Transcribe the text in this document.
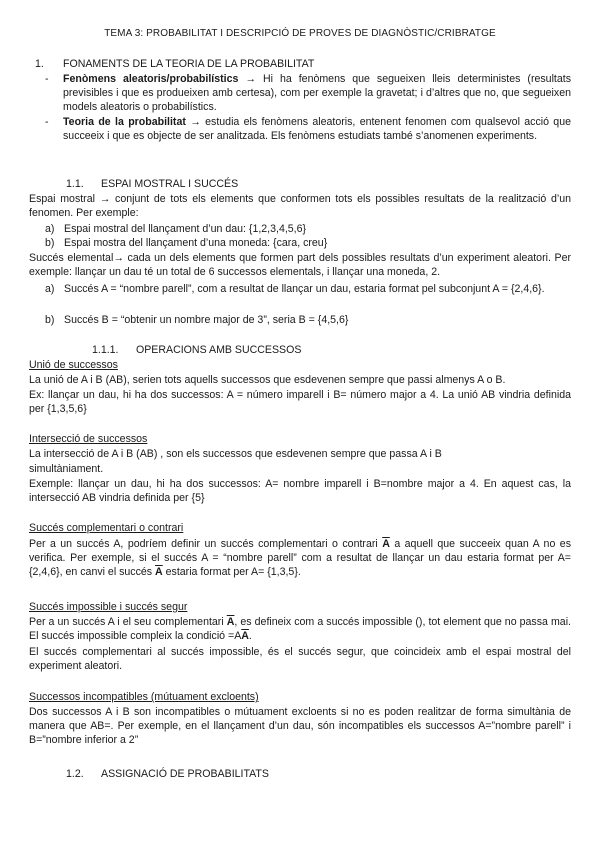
TEMA 3: PROBABILITAT I DESCRIPCIÓ DE PROVES DE DIAGNÒSTIC/CRIBRATGE
1. FONAMENTS DE LA TEORIA DE LA PROBABILITAT
- Fenòmens aleatoris/probabilístics → Hi ha fenòmens que segueixen lleis deterministes (resultats previsibles i que es produeixen amb certesa), com per exemple la gravetat; i d’altres que no, que segueixen models aleatoris o probabilístics.
- Teoria de la probabilitat → estudia els fenòmens aleatoris, entenent fenomen com qualsevol acció que succeeix i que es objecte de ser analitzada. Els fenòmens estudiats també s’anomenen experiments.
1.1. ESPAI MOSTRAL I SUCCÉS
Espai mostral → conjunt de tots els elements que conformen tots els possibles resultats de la realització d’un fenomen. Per exemple:
a) Espai mostral del llançament d’un dau: {1,2,3,4,5,6}
b) Espai mostra del llançament d’una moneda: {cara, creu}
Succés elemental→ cada un dels elements que formen part dels possibles resultats d’un experiment aleatori. Per exemple: llançar un dau té un total de 6 successos elementals, i llançar una moneda, 2.
a) Succés A = “nombre parell”, com a resultat de llançar un dau, estaria format pel subconjunt A = {2,4,6}.
b) Succés B = “obtenir un nombre major de 3”, seria B = {4,5,6}
1.1.1. OPERACIONS AMB SUCCESSOS
Unió de successos
La unió de A i B (AB), serien tots aquells successos que esdevenen sempre que passi almenys A o B.
Ex: llançar un dau, hi ha dos successos: A = número imparell i B= número major a 4. La unió AB vindria definida per {1,3,5,6}
Intersecció de successos
La intersecció de A i B (AB) , son els successos que esdevenen sempre que passa A i B
simultàniament.
Exemple: llançar un dau, hi ha dos successos: A= nombre imparell i B=nombre major a 4. En aquest cas, la intersecció AB vindria definida per {5}
Succés complementari o contrari
Per a un succés A, podríem definir un succés complementari o contrari $\overline{A}$ a aquell que succeeix quan A no es verifica. Per exemple, si el succés A = “nombre parell” com a resultat de llançar un dau estaria format per A= {2,4,6}, en canvi el succés $\overline{A}$ estaria format per A= {1,3,5}.
Succés impossible i succés segur
Per a un succés A i el seu complementari $\overline{A}$, es defineix com a succés impossible (), tot element que no passa mai. El succés impossible compleix la condició $=A\overline{A}$.
El succés complementari al succés impossible, és el succés segur, que coincideix amb el espai mostral del experiment aleatori.
Successos incompatibles (mútuament excloents)
Dos successos A i B son incompatibles o mútuament excloents si no es poden realitzar de forma simultània de manera que AB=. Per exemple, en el llançament d’un dau, són incompatibles els successos A=”nombre parell” i B=”nombre inferior a 2”
1.2. ASSIGNACIÓ DE PROBABILITATS
